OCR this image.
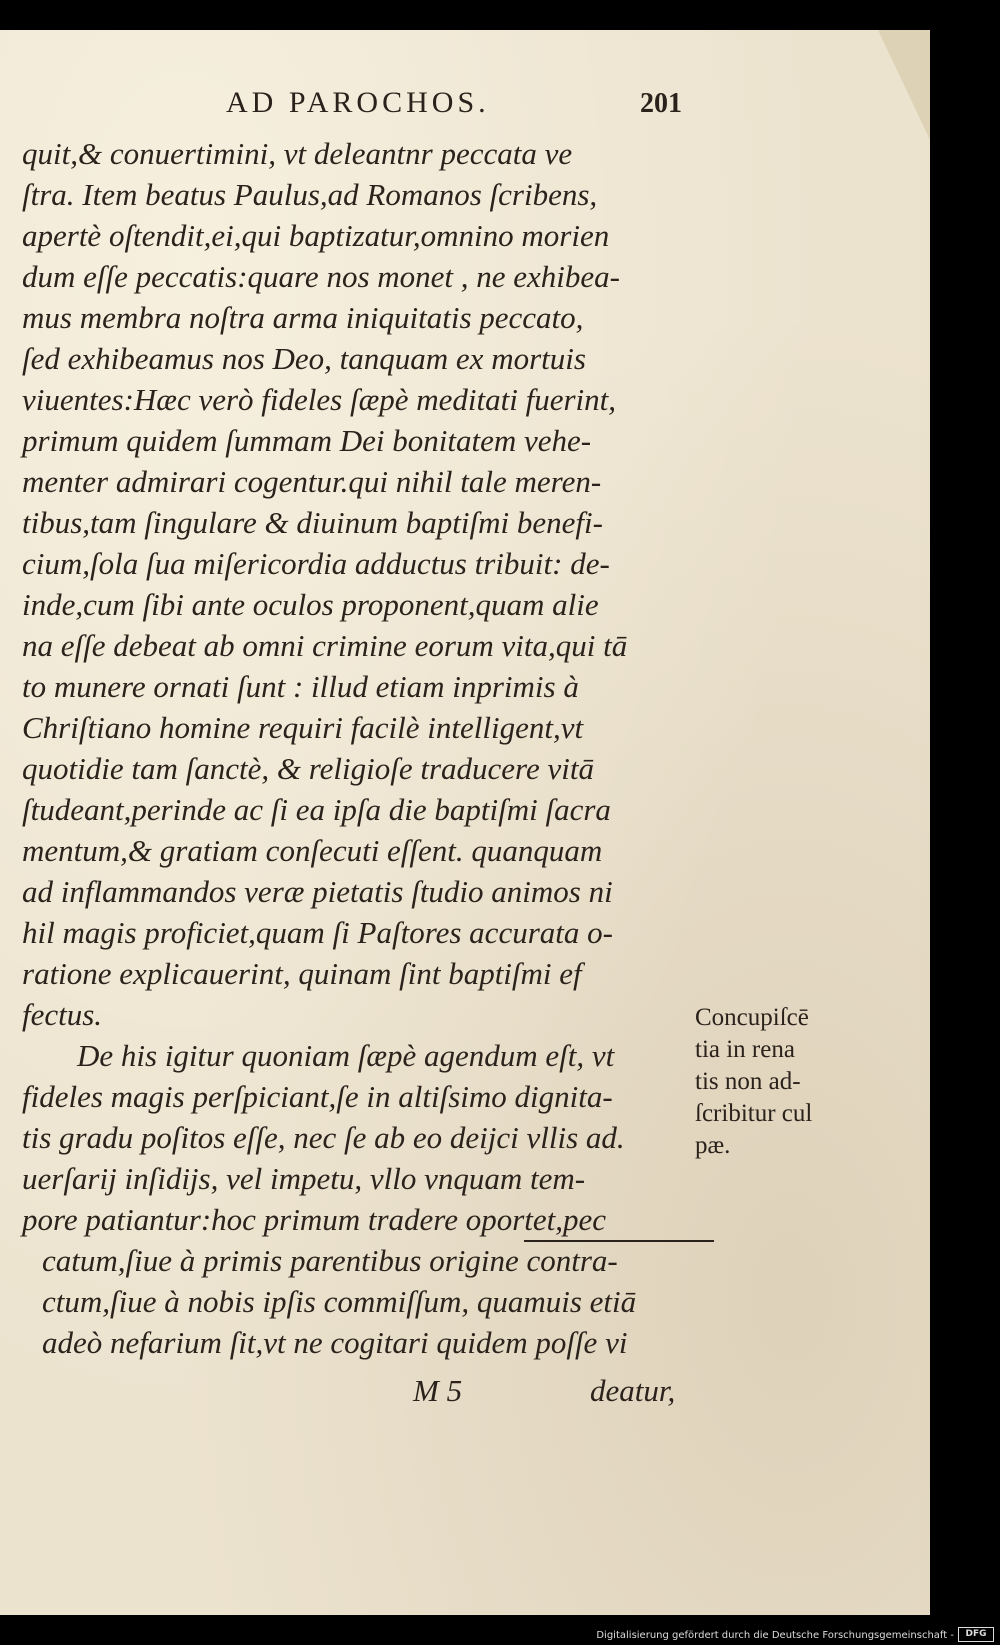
AD PAROCHOS.	201
quit,& conuertimini, vt deleantnr peccata ve
ſtra. Item beatus Paulus,ad Romanos ſcribens,
apertè oſtendit,ei,qui baptizatur,omnino morien
dum eſſe peccatis:quare nos monet , ne exhibea-
mus membra noſtra arma iniquitatis peccato,
ſed exhibeamus nos Deo, tanquam ex mortuis
viuentes:Hæc verò fideles ſæpè meditati fuerint,
primum quidem ſummam Dei bonitatem vehe-
menter admirari cogentur.qui nihil tale meren-
tibus,tam ſingulare & diuinum baptiſmi benefi-
cium,ſola ſua miſericordia adductus tribuit: de-
inde,cum ſibi ante oculos proponent,quam alie
na eſſe debeat ab omni crimine eorum vita,qui tā
to munere ornati ſunt : illud etiam inprimis à
Chriſtiano homine requiri facilè intelligent,vt
quotidie tam ſanctè, & religioſe traducere vitā
ſtudeant,perinde ac ſi ea ipſa die baptiſmi ſacra
mentum,& gratiam conſecuti eſſent. quanquam
ad inflammandos veræ pietatis ſtudio animos ni
hil magis proficiet,quam ſi Paſtores accurata o-
ratione explicauerint, quinam ſint baptiſmi ef
fectus.
De his igitur quoniam ſæpè agendum eſt, vt
fideles magis perſpiciant,ſe in altiſsimo dignita-
tis gradu poſitos eſſe, nec ſe ab eo deijci vllis ad.
uerſarij inſidijs, vel impetu, vllo vnquam tem-
pore patiantur:hoc primum tradere oportet,pec
catum,ſiue à primis parentibus origine contra-
ctum,ſiue à nobis ipſis commiſſum, quamuis etiā
adeò nefarium ſit,vt ne cogitari quidem poſſe vi
Concupiſcē
tia in rena
tis non ad-
ſcribitur cul
pæ.
M 5	deatur,
Digitalisierung gefördert durch die Deutsche Forschungsgemeinschaft -	DFG
